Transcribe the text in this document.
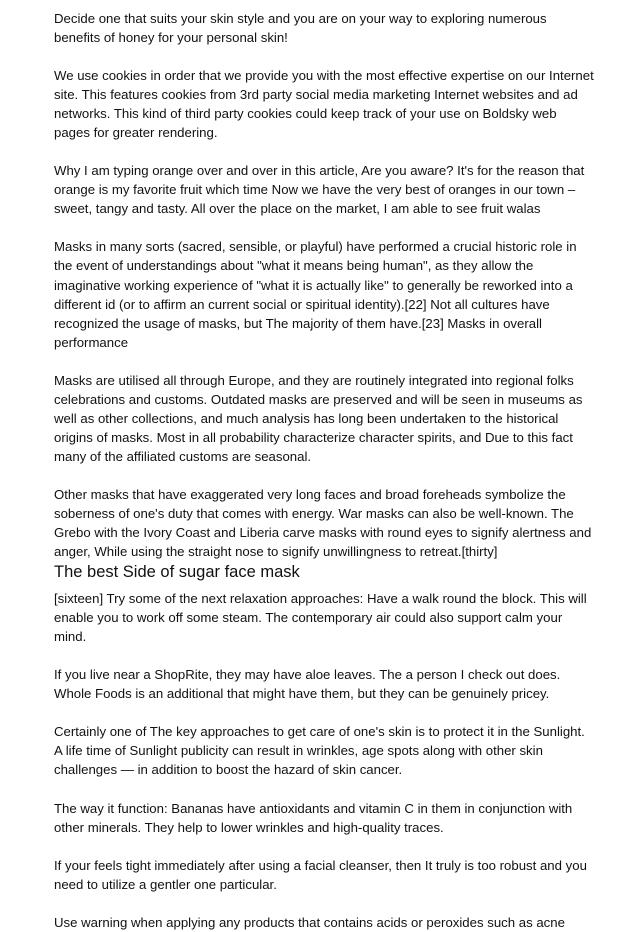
Decide one that suits your skin style and you are on your way to exploring numerous benefits of honey for your personal skin!

We use cookies in order that we provide you with the most effective expertise on our Internet site. This features cookies from 3rd party social media marketing Internet websites and ad networks. This kind of third party cookies could keep track of your use on Boldsky web pages for greater rendering.

Why I am typing orange over and over in this article, Are you aware? It's for the reason that orange is my favorite fruit which time Now we have the very best of oranges in our town – sweet, tangy and tasty. All over the place on the market, I am able to see fruit walas

Masks in many sorts (sacred, sensible, or playful) have performed a crucial historic role in the event of understandings about "what it means being human", as they allow the imaginative working experience of "what it is actually like" to generally be reworked into a different id (or to affirm an current social or spiritual identity).[22] Not all cultures have recognized the usage of masks, but The majority of them have.[23] Masks in overall performance

Masks are utilised all through Europe, and they are routinely integrated into regional folks celebrations and customs. Outdated masks are preserved and will be seen in museums as well as other collections, and much analysis has long been undertaken to the historical origins of masks. Most in all probability characterize character spirits, and Due to this fact many of the affiliated customs are seasonal.

Other masks that have exaggerated very long faces and broad foreheads symbolize the soberness of one's duty that comes with energy. War masks can also be well-known. The Grebo with the Ivory Coast and Liberia carve masks with round eyes to signify alertness and anger, While using the straight nose to signify unwillingness to retreat.[thirty]

The best Side of sugar face mask

[sixteen] Try some of the next relaxation approaches: Have a walk round the block. This will enable you to work off some steam. The contemporary air could also support calm your mind.

If you live near a ShopRite, they may have aloe leaves. The a person I check out does. Whole Foods is an additional that might have them, but they can be genuinely pricey.

Certainly one of The key approaches to get care of one's skin is to protect it in the Sunlight. A life time of Sunlight publicity can result in wrinkles, age spots along with other skin challenges — in addition to boost the hazard of skin cancer.

The way it function: Bananas have antioxidants and vitamin C in them in conjunction with other minerals. They help to lower wrinkles and high-quality traces.

If your feels tight immediately after using a facial cleanser, then It truly is too robust and you need to utilize a gentler one particular.

Use warning when applying any products that contains acids or peroxides such as acne
